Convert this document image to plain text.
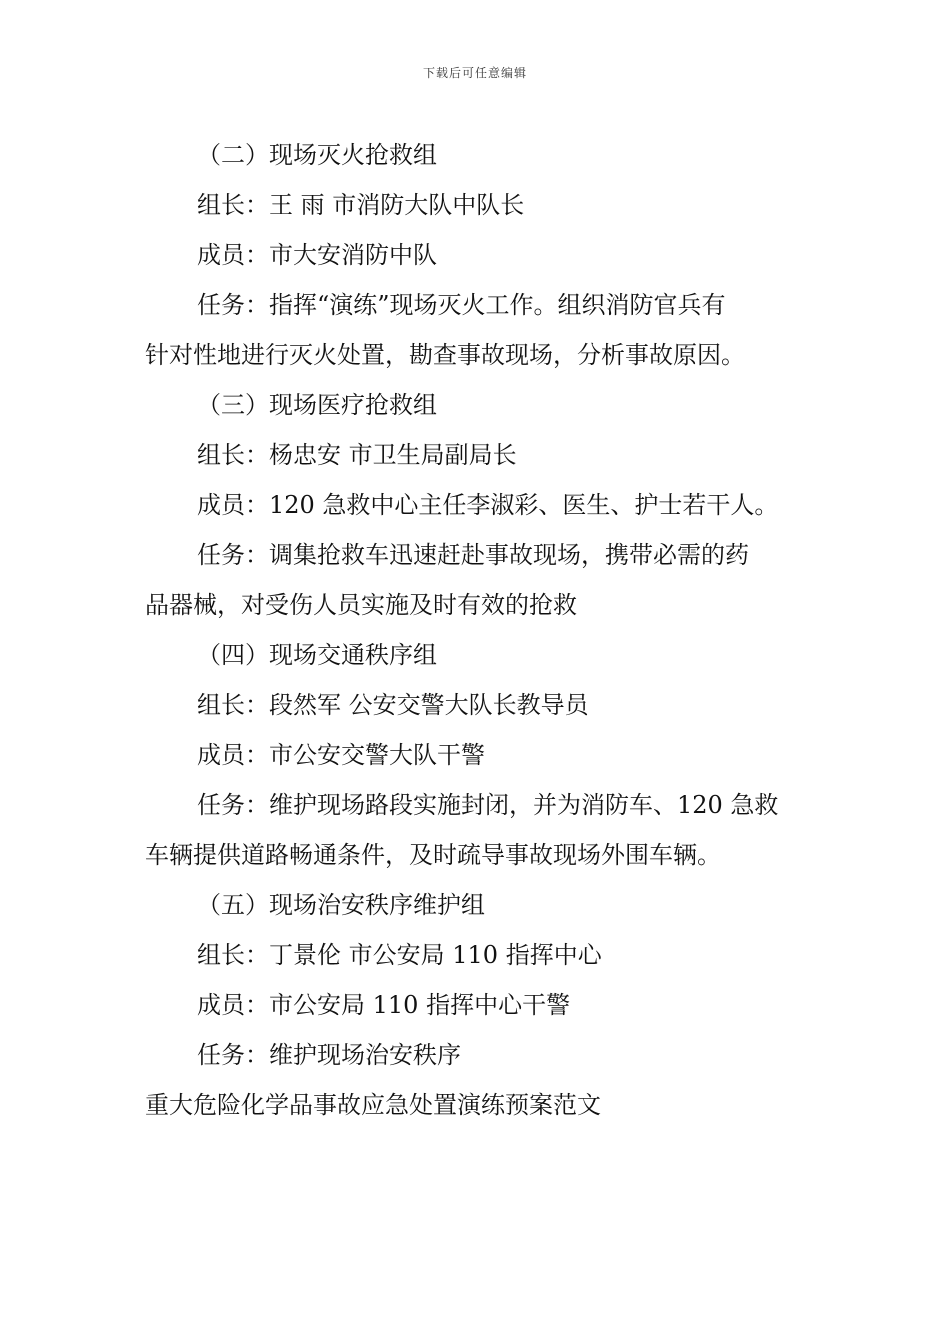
下载后可任意编辑

（二）现场灭火抢救组

组长：王 雨 市消防大队中队长

成员：市大安消防中队

任务：指挥“演练”现场灭火工作。组织消防官兵有

针对性地进行灭火处置，勘查事故现场，分析事故原因。

（三）现场医疗抢救组

组长：杨忠安 市卫生局副局长

成员：120 急救中心主任李淑彩、医生、护士若干人。

任务：调集抢救车迅速赶赴事故现场，携带必需的药

品器械，对受伤人员实施及时有效的抢救

（四）现场交通秩序组

组长：段然军 公安交警大队长教导员

成员：市公安交警大队干警

任务：维护现场路段实施封闭，并为消防车、120 急救

车辆提供道路畅通条件，及时疏导事故现场外围车辆。

（五）现场治安秩序维护组

组长：丁景伦 市公安局 110 指挥中心

成员：市公安局 110 指挥中心干警

任务：维护现场治安秩序

重大危险化学品事故应急处置演练预案范文
